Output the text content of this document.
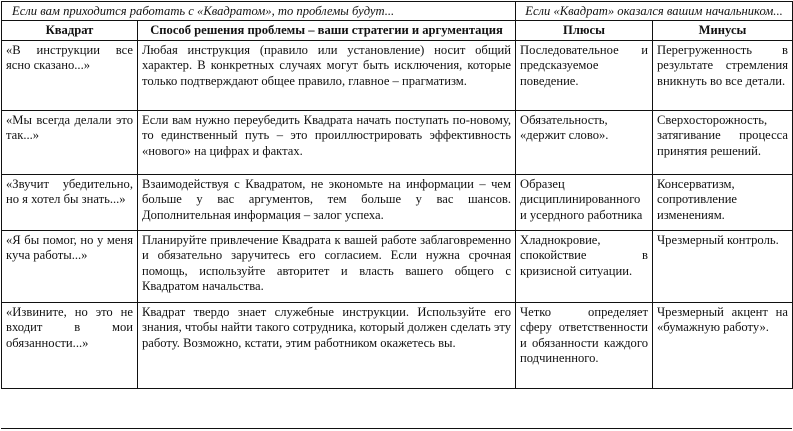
Если вам приходится работать с «Квадратом», то проблемы будут...		Если «Квадрат» оказался вашим начальником...	
Квадрат	Способ решения проблемы – ваши стратегии и аргументация	Плюсы	Минусы
«В инструкции все ясно сказано...»	Любая инструкция (правило или установление) носит общий характер. В конкретных случаях могут быть исключения, которые только подтверждают общее правило, главное – прагматизм.	Последовательное и предсказуемое поведение.	Перегруженность в результате стремления вникнуть во все детали.
«Мы всегда делали это так...»	Если вам нужно переубедить Квадрата начать поступать по-новому, то единственный путь – это проиллюстрировать эффективность «нового» на цифрах и фактах.	Обязательность, «держит слово».	Сверхосторожность, затягивание процесса принятия решений.
«Звучит убедительно, но я хотел бы знать...»	Взаимодействуя с Квадратом, не экономьте на информации – чем больше у вас аргументов, тем больше у вас шансов. Дополнительная информация – залог успеха.	Образец дисциплинированного и усердного работника	Консерватизм, сопротивление изменениям.
«Я бы помог, но у меня куча работы...»	Планируйте привлечение Квадрата к вашей работе заблаговременно и обязательно заручитесь его согласием. Если нужна срочная помощь, используйте авторитет и власть вашего общего с Квадратом начальства.	Хладнокровие, спокойствие в кризисной ситуации.	Чрезмерный контроль.
«Извините, но это не входит в мои обязанности...»	Квадрат твердо знает служебные инструкции. Используйте его знания, чтобы найти такого сотрудника, который должен сделать эту работу. Возможно, кстати, этим работником окажетесь вы.	Четко определяет сферу ответственности и обязанности каждого подчиненного.	Чрезмерный акцент на «бумажную работу».
